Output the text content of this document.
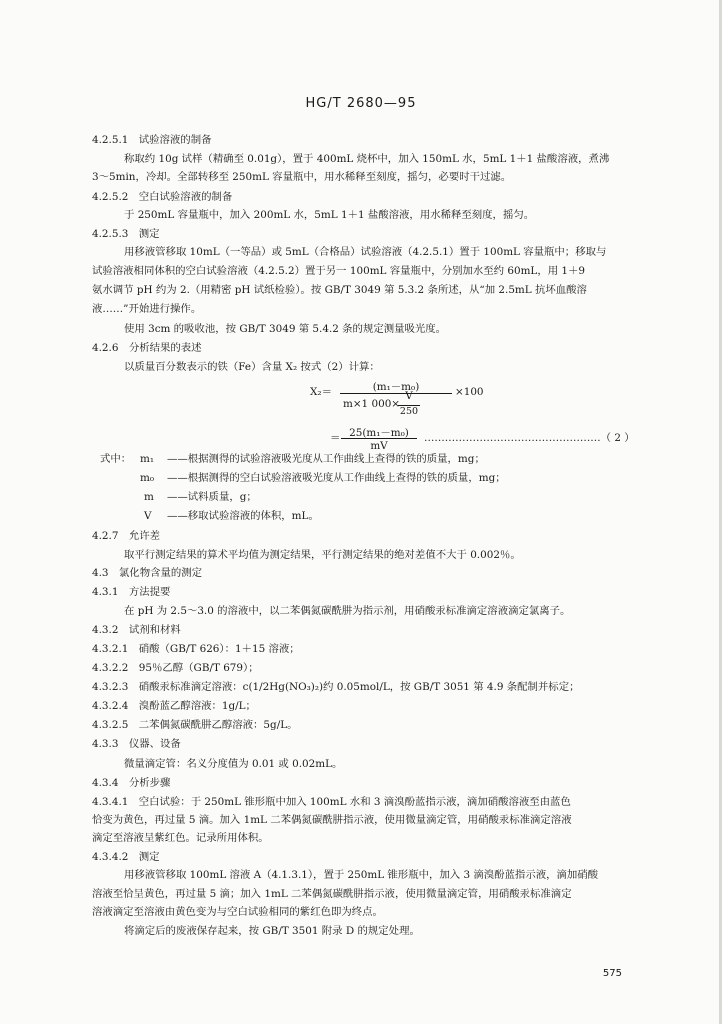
HG/T 2680—95
4.2.5.1　试验溶液的制备
称取约 10g 试样（精确至 0.01g），置于 400mL 烧杯中，加入 150mL 水，5mL 1＋1 盐酸溶液，煮沸
3～5min，冷却。全部转移至 250mL 容量瓶中，用水稀释至刻度，摇匀，必要时干过滤。
4.2.5.2　空白试验溶液的制备
于 250mL 容量瓶中，加入 200mL 水，5mL 1＋1 盐酸溶液，用水稀释至刻度，摇匀。
4.2.5.3　测定
用移液管移取 10mL（一等品）或 5mL（合格品）试验溶液（4.2.5.1）置于 100mL 容量瓶中；移取与
试验溶液相同体积的空白试验溶液（4.2.5.2）置于另一 100mL 容量瓶中，分别加水至约 60mL，用 1＋9
氨水调节 pH 约为 2.（用精密 pH 试纸检验）。按 GB/T 3049 第 5.3.2 条所述，从“加 2.5mL 抗坏血酸溶
液……”开始进行操作。
使用 3cm 的吸收池，按 GB/T 3049 第 5.4.2 条的规定测量吸光度。
4.2.6　分析结果的表述
以质量百分数表示的铁（Fe）含量 X₂ 按式（2）计算：
X₂＝	(m₁－m₀)
m×1 000×
V
250
×100
＝ 25(m₁－m₀)
mV
……………………………………………（ 2 ）
式中： m₁ ——根据测得的试验溶液吸光度从工作曲线上查得的铁的质量，mg；
m₀ ——根据测得的空白试验溶液吸光度从工作曲线上查得的铁的质量，mg；
m ——试料质量，g；
V ——移取试验溶液的体积，mL。
4.2.7　允许差
取平行测定结果的算术平均值为测定结果，平行测定结果的绝对差值不大于 0.002％。
4.3　氯化物含量的测定
4.3.1　方法提要
在 pH 为 2.5～3.0 的溶液中，以二苯偶氮碳酰肼为指示剂，用硝酸汞标准滴定溶液滴定氯离子。
4.3.2　试剂和材料
4.3.2.1　硝酸（GB/T 626）：1＋15 溶液；
4.3.2.2　95％乙醇（GB/T 679）；
4.3.2.3　硝酸汞标准滴定溶液：c(1/2Hg(NO₃)₂)约 0.05mol/L，按 GB/T 3051 第 4.9 条配制并标定；
4.3.2.4　溴酚蓝乙醇溶液：1g/L；
4.3.2.5　二苯偶氮碳酰肼乙醇溶液：5g/L。
4.3.3　仪器、设备
微量滴定管：名义分度值为 0.01 或 0.02mL。
4.3.4　分析步骤
4.3.4.1　空白试验：于 250mL 锥形瓶中加入 100mL 水和 3 滴溴酚蓝指示液，滴加硝酸溶液至由蓝色
恰变为黄色，再过量 5 滴。加入 1mL 二苯偶氮碳酰肼指示液，使用微量滴定管，用硝酸汞标准滴定溶液
滴定至溶液呈紫红色。记录所用体积。
4.3.4.2　测定
用移液管移取 100mL 溶液 A（4.1.3.1），置于 250mL 锥形瓶中，加入 3 滴溴酚蓝指示液，滴加硝酸
溶液至恰呈黄色，再过量 5 滴；加入 1mL 二苯偶氮碳酰肼指示液，使用微量滴定管，用硝酸汞标准滴定
溶液滴定至溶液由黄色变为与空白试验相同的紫红色即为终点。
将滴定后的废液保存起来，按 GB/T 3501 附录 D 的规定处理。
575
